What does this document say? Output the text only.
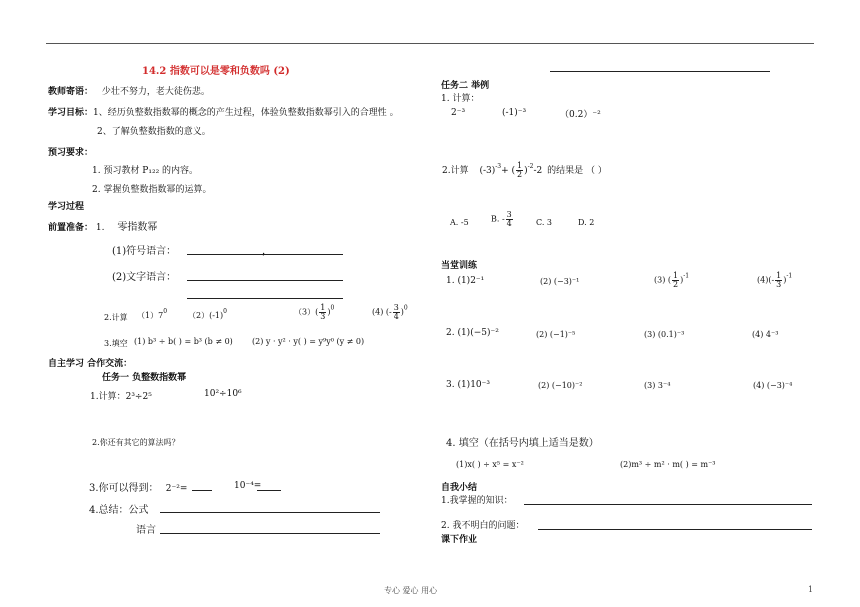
14.2 指数可以是零和负数吗 (2)
教师寄语： 少壮不努力，老大徒伤悲。
学习目标：1、经历负整数指数幂的概念的产生过程，体验负整数指数幂引入的合理性 。
2、了解负整数指数的意义。
预习要求：
1. 预习教材 P₁₂₂ 的内容。
2. 掌握负整数指数幂的运算。
学习过程
前置准备： 1. 零指数幂
(1)符号语言：	，
(2)文字语言：
2.计算 $(1)7^0$	$(2)(-1)^0$	$(3)( \frac{1}{3} )^0$	(4) (- $\frac{3}{4} )^0$
3.填空 (1) b³ ÷ b( ) = b³ (b ≠ 0) (2) y · y² · y( ) = y⁹y⁰ (y ≠ 0)
自主学习 合作交流：
任务一 负整数指数幂
1.计算：2³÷2⁵	10²÷10⁶
2.你还有其它的算法吗？
3.你可以得到： 2⁻²=	10⁻⁴=
4.总结：公式
语言
任务二 举例
1. 计算：
2⁻³	(-1)⁻³	（0.2）⁻²
2.计算 $(-3)^{-3}+$ ( $\frac{1}{2} )^{-2}-2$ 的结果是 （ ）
A. -5	B. - $\frac{3}{4}$	C. 3	D. 2
当堂训练
1. (1)2⁻¹	(2) (−3)⁻¹	(3) ( $\frac{1}{2} )^{-1}$	$(4)(- \frac{1}{3} )^{-1}$
2. (1)(−5)⁻²	(2) (−1)⁻⁵	(3) (0.1)⁻³	(4) 4⁻³
3. (1)10⁻³	(2) (−10)⁻²	(3) 3⁻⁴	(4) (−3)⁻⁴
4. 填空（在括号内填上适当是数）
(1)x( ) ÷ x⁵ = x⁻²	(2)m³ ÷ m² · m( ) = m⁻³
自我小结
1.我掌握的知识：
2. 我不明白的问题：
课下作业
专心 爱心 用心	1
